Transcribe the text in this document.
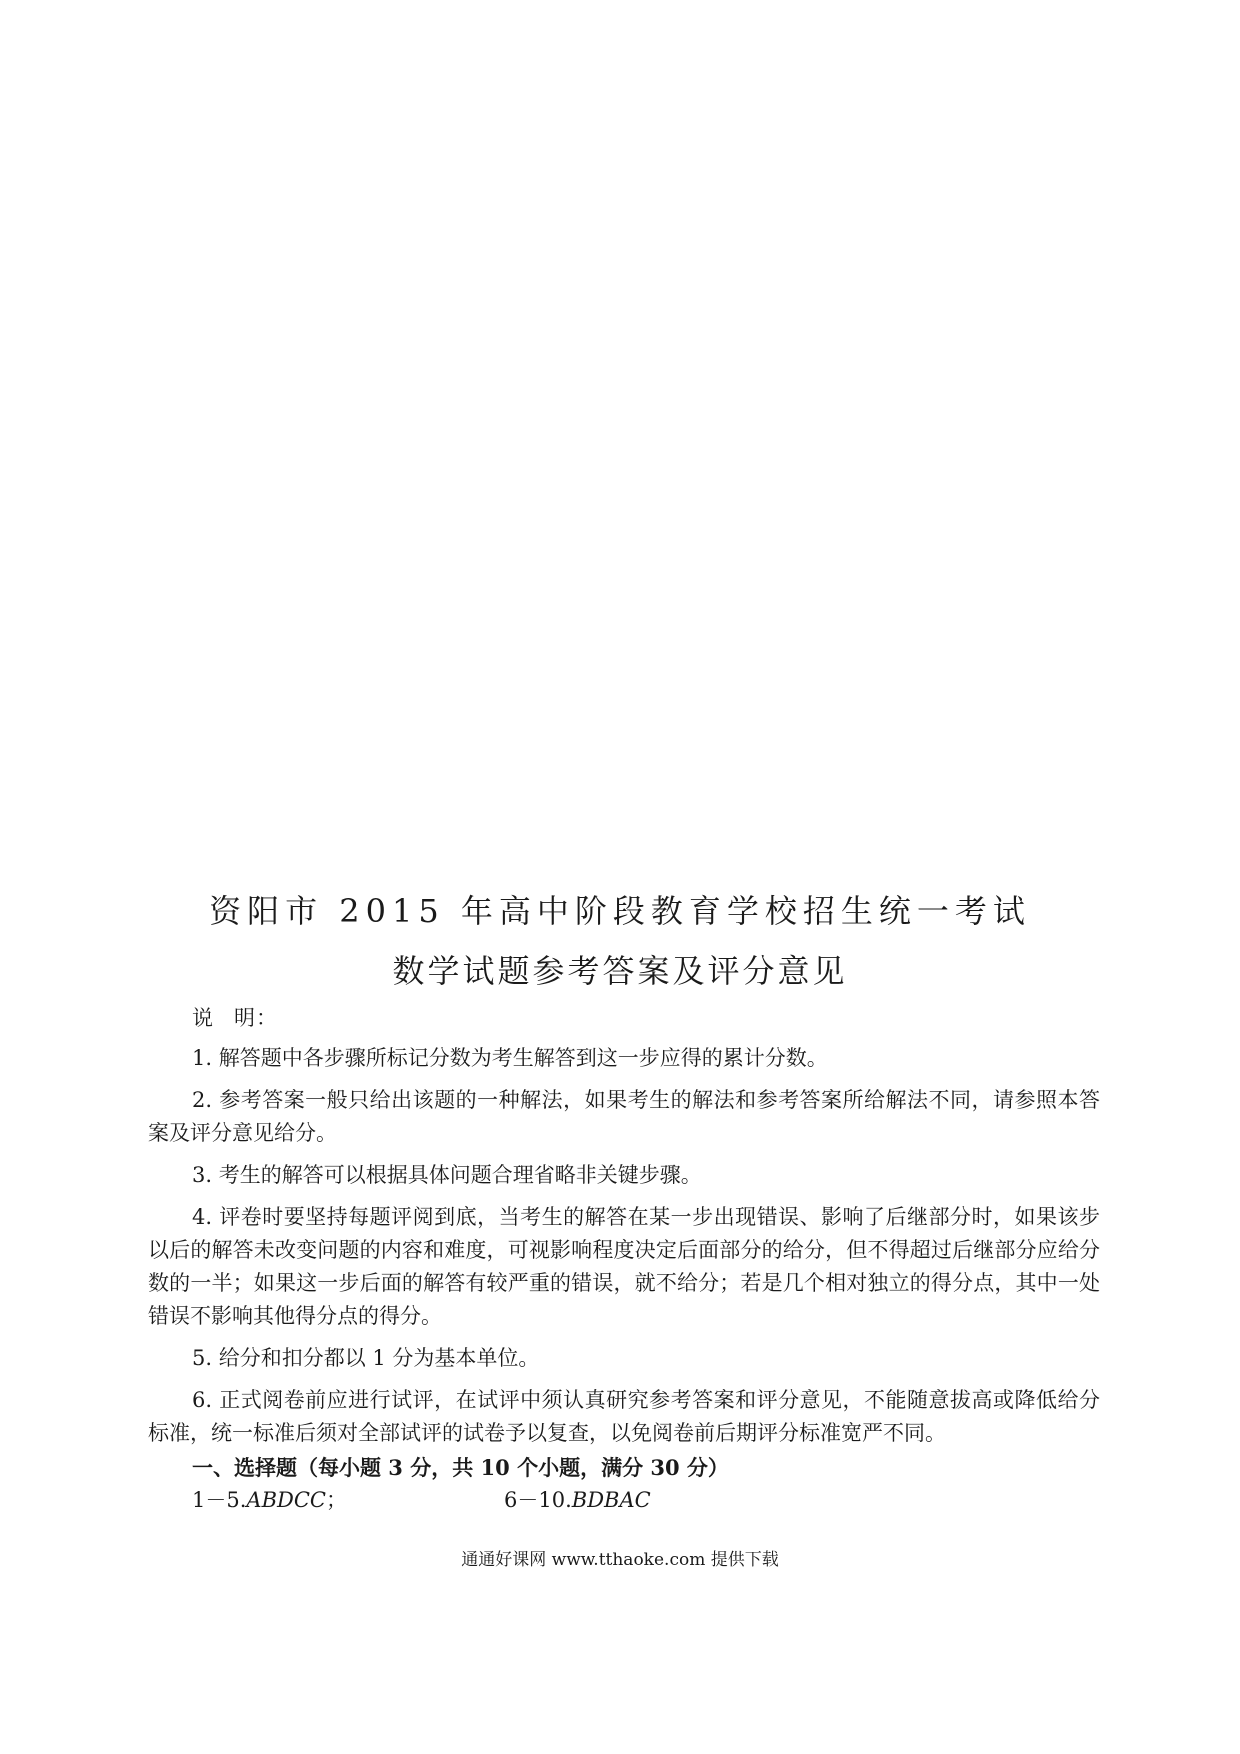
资阳市 2015 年高中阶段教育学校招生统一考试
数学试题参考答案及评分意见
说 明：

1. 解答题中各步骤所标记分数为考生解答到这一步应得的累计分数。

2. 参考答案一般只给出该题的一种解法，如果考生的解法和参考答案所给解法不同，请参照本答案及评分意见给分。

3. 考生的解答可以根据具体问题合理省略非关键步骤。

4. 评卷时要坚持每题评阅到底，当考生的解答在某一步出现错误、影响了后继部分时，如果该步以后的解答未改变问题的内容和难度，可视影响程度决定后面部分的给分，但不得超过后继部分应给分数的一半；如果这一步后面的解答有较严重的错误，就不给分；若是几个相对独立的得分点，其中一处错误不影响其他得分点的得分。

5. 给分和扣分都以 1 分为基本单位。

6. 正式阅卷前应进行试评，在试评中须认真研究参考答案和评分意见，不能随意拔高或降低给分标准，统一标准后须对全部试评的试卷予以复查，以免阅卷前后期评分标准宽严不同。

一、选择题（每小题 3 分，共 10 个小题，满分 30 分）
1－5.ABDCC；	6－10.BDBAC
通通好课网 www.tthaoke.com 提供下载
